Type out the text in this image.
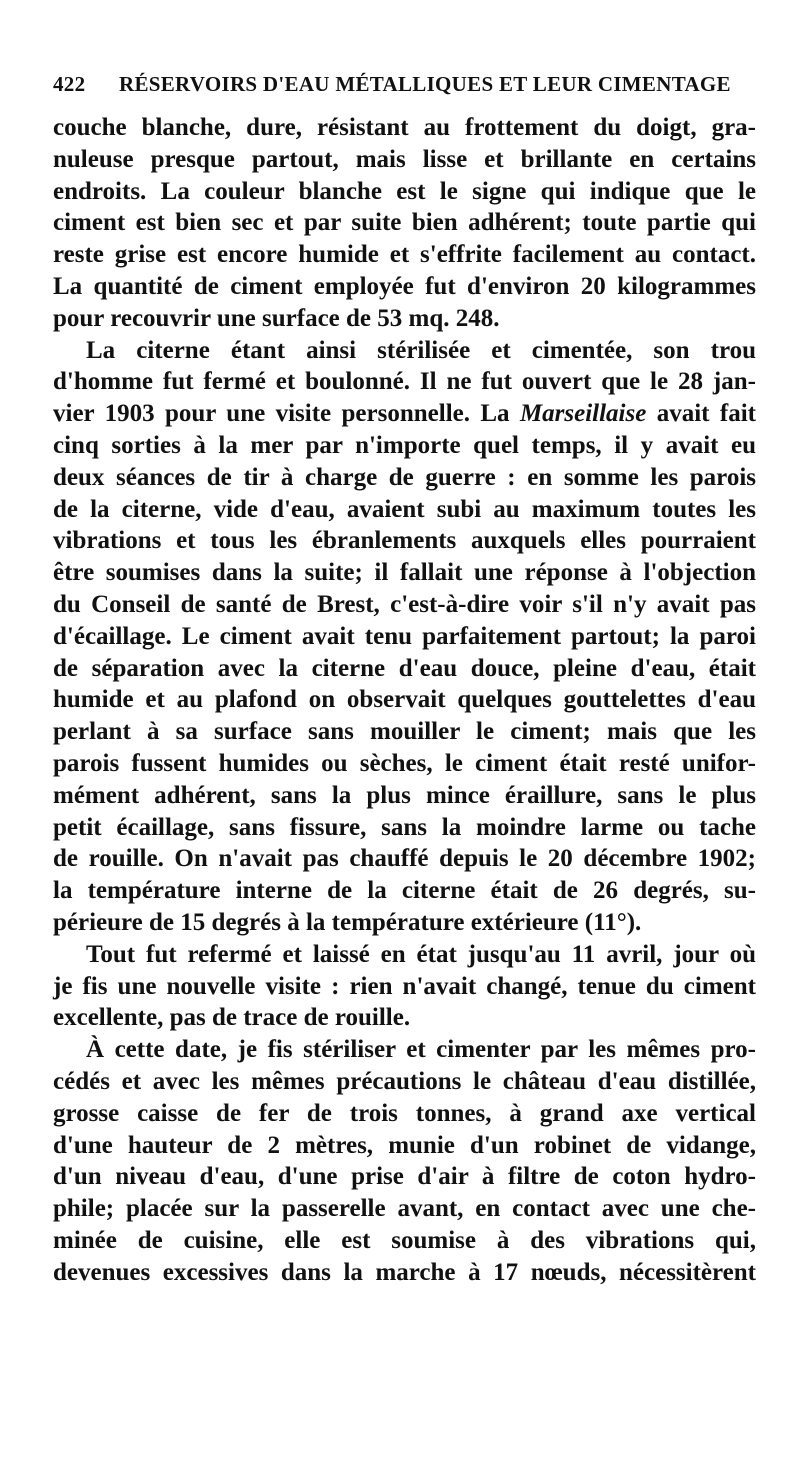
422 RÉSERVOIRS D'EAU MÉTALLIQUES ET LEUR CIMENTAGE
couche blanche, dure, résistant au frottement du doigt, gra-
nuleuse presque partout, mais lisse et brillante en certains
endroits. La couleur blanche est le signe qui indique que le
ciment est bien sec et par suite bien adhérent; toute partie qui
reste grise est encore humide et s'effrite facilement au contact.
La quantité de ciment employée fut d'environ 20 kilogrammes
pour recouvrir une surface de 53 mq. 248.
La citerne étant ainsi stérilisée et cimentée, son trou
d'homme fut fermé et boulonné. Il ne fut ouvert que le 28 jan-
vier 1903 pour une visite personnelle. La Marseillaise avait fait
cinq sorties à la mer par n'importe quel temps, il y avait eu
deux séances de tir à charge de guerre : en somme les parois
de la citerne, vide d'eau, avaient subi au maximum toutes les
vibrations et tous les ébranlements auxquels elles pourraient
être soumises dans la suite; il fallait une réponse à l'objection
du Conseil de santé de Brest, c'est-à-dire voir s'il n'y avait pas
d'écaillage. Le ciment avait tenu parfaitement partout; la paroi
de séparation avec la citerne d'eau douce, pleine d'eau, était
humide et au plafond on observait quelques gouttelettes d'eau
perlant à sa surface sans mouiller le ciment; mais que les
parois fussent humides ou sèches, le ciment était resté unifor-
mément adhérent, sans la plus mince éraillure, sans le plus
petit écaillage, sans fissure, sans la moindre larme ou tache
de rouille. On n'avait pas chauffé depuis le 20 décembre 1902;
la température interne de la citerne était de 26 degrés, su-
périeure de 15 degrés à la température extérieure (11°).
Tout fut refermé et laissé en état jusqu'au 11 avril, jour où
je fis une nouvelle visite : rien n'avait changé, tenue du ciment
excellente, pas de trace de rouille.
À cette date, je fis stériliser et cimenter par les mêmes pro-
cédés et avec les mêmes précautions le château d'eau distillée,
grosse caisse de fer de trois tonnes, à grand axe vertical
d'une hauteur de 2 mètres, munie d'un robinet de vidange,
d'un niveau d'eau, d'une prise d'air à filtre de coton hydro-
phile; placée sur la passerelle avant, en contact avec une che-
minée de cuisine, elle est soumise à des vibrations qui,
devenues excessives dans la marche à 17 nœuds, nécessitèrent
